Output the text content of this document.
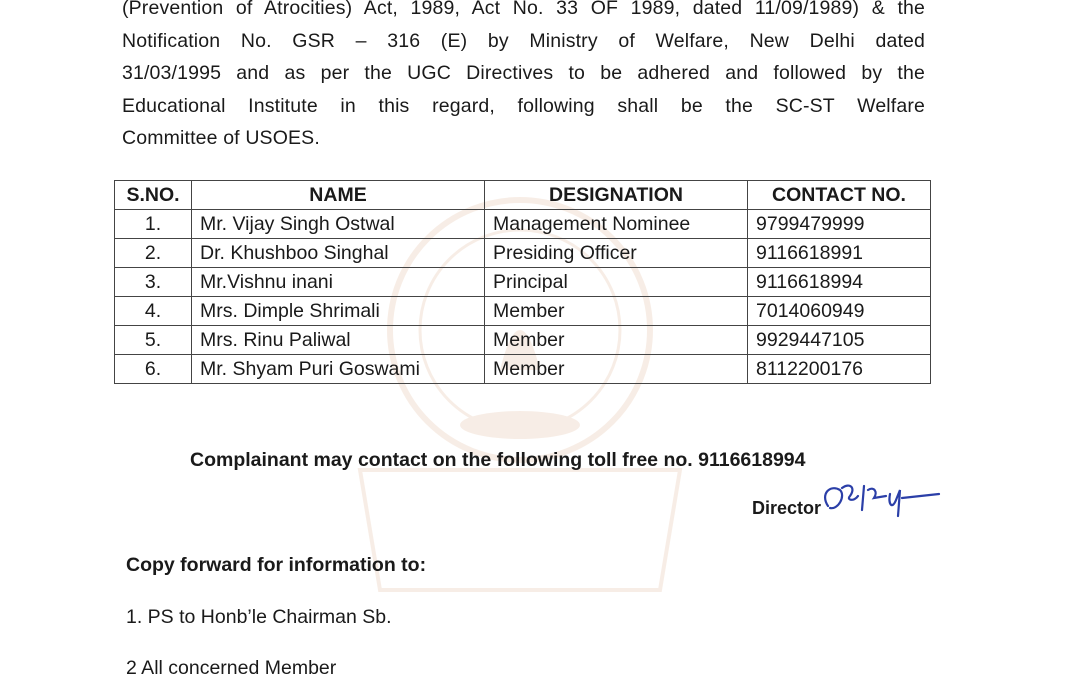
(Prevention of Atrocities) Act, 1989, Act No. 33 OF 1989, dated 11/09/1989) & the
Notification No. GSR – 316 (E) by Ministry of Welfare, New Delhi dated
31/03/1995 and as per the UGC Directives to be adhered and followed by the
Educational Institute in this regard, following shall be the SC-ST Welfare
Committee of USOES.
S.NO.	NAME	DESIGNATION	CONTACT NO.
1.	Mr. Vijay Singh Ostwal	Management Nominee	9799479999
2.	Dr. Khushboo Singhal	Presiding Officer	9116618991
3.	Mr.Vishnu inani	Principal	9116618994
4.	Mrs. Dimple Shrimali	Member	7014060949
5.	Mrs. Rinu Paliwal	Member	9929447105
6.	Mr. Shyam Puri Goswami	Member	8112200176

Complainant may contact on the following toll free no. 9116618994

Director

Copy forward for information to:

1. PS to Honb’le Chairman Sb.

2 All concerned Member
